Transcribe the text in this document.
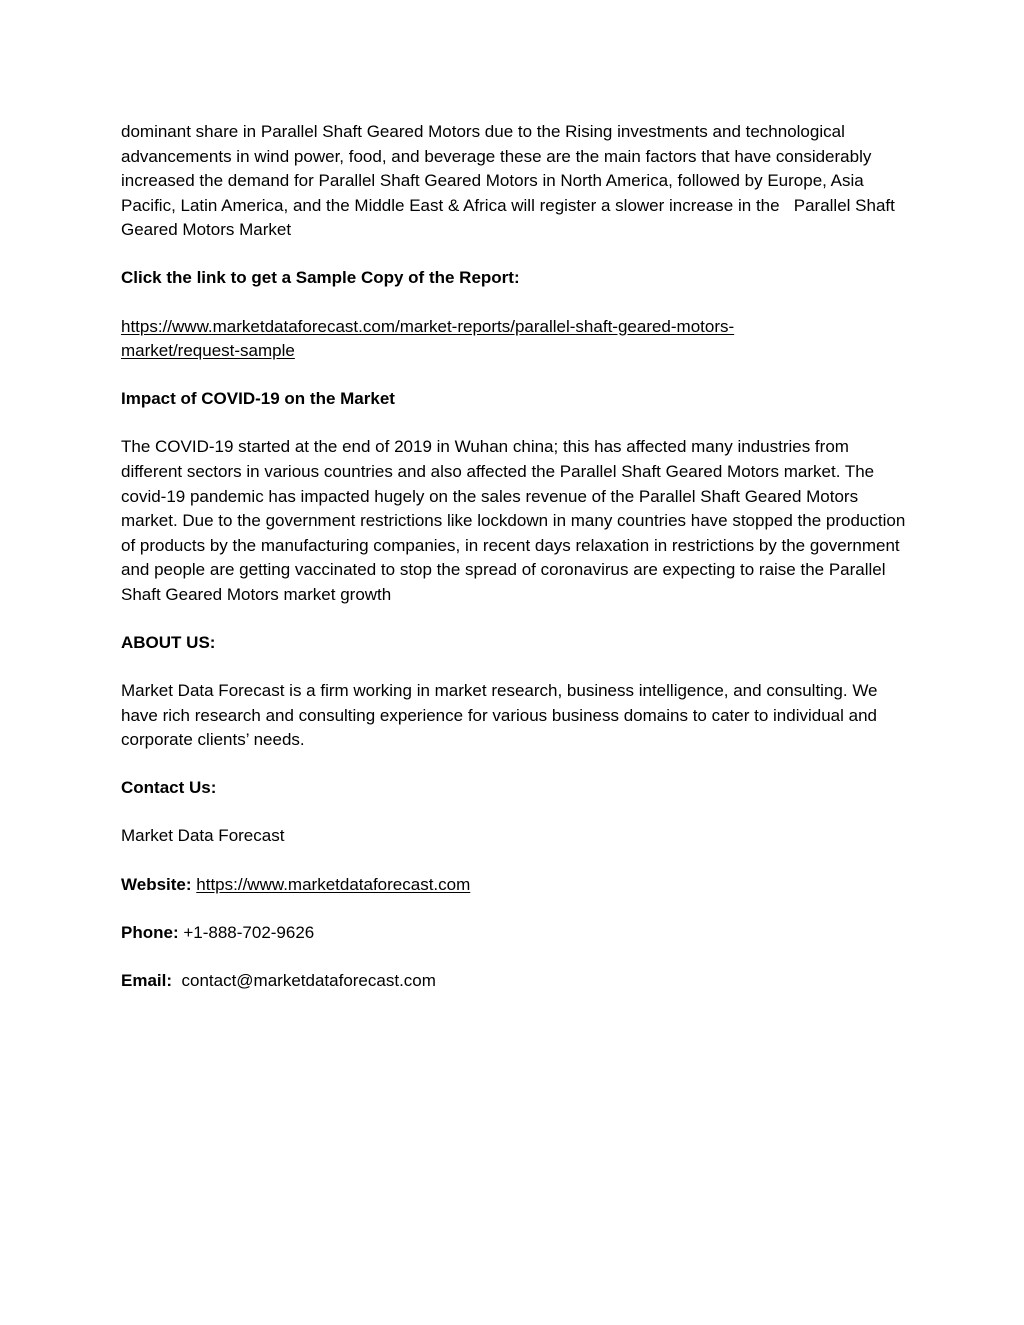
dominant share in Parallel Shaft Geared Motors due to the Rising investments and technological advancements in wind power, food, and beverage these are the main factors that have considerably increased the demand for Parallel Shaft Geared Motors in North America, followed by Europe, Asia Pacific, Latin America, and the Middle East & Africa will register a slower increase in the   Parallel Shaft Geared Motors Market

Click the link to get a Sample Copy of the Report:

https://www.marketdataforecast.com/market-reports/parallel-shaft-geared-motors-
market/request-sample

Impact of COVID-19 on the Market

The COVID-19 started at the end of 2019 in Wuhan china; this has affected many industries from different sectors in various countries and also affected the Parallel Shaft Geared Motors market. The covid-19 pandemic has impacted hugely on the sales revenue of the Parallel Shaft Geared Motors market. Due to the government restrictions like lockdown in many countries have stopped the production of products by the manufacturing companies, in recent days relaxation in restrictions by the government and people are getting vaccinated to stop the spread of coronavirus are expecting to raise the Parallel Shaft Geared Motors market growth

ABOUT US:

Market Data Forecast is a firm working in market research, business intelligence, and consulting. We have rich research and consulting experience for various business domains to cater to individual and corporate clients’ needs.

Contact Us:

Market Data Forecast

Website: https://www.marketdataforecast.com

Phone: +1-888-702-9626

Email: contact@marketdataforecast.com
